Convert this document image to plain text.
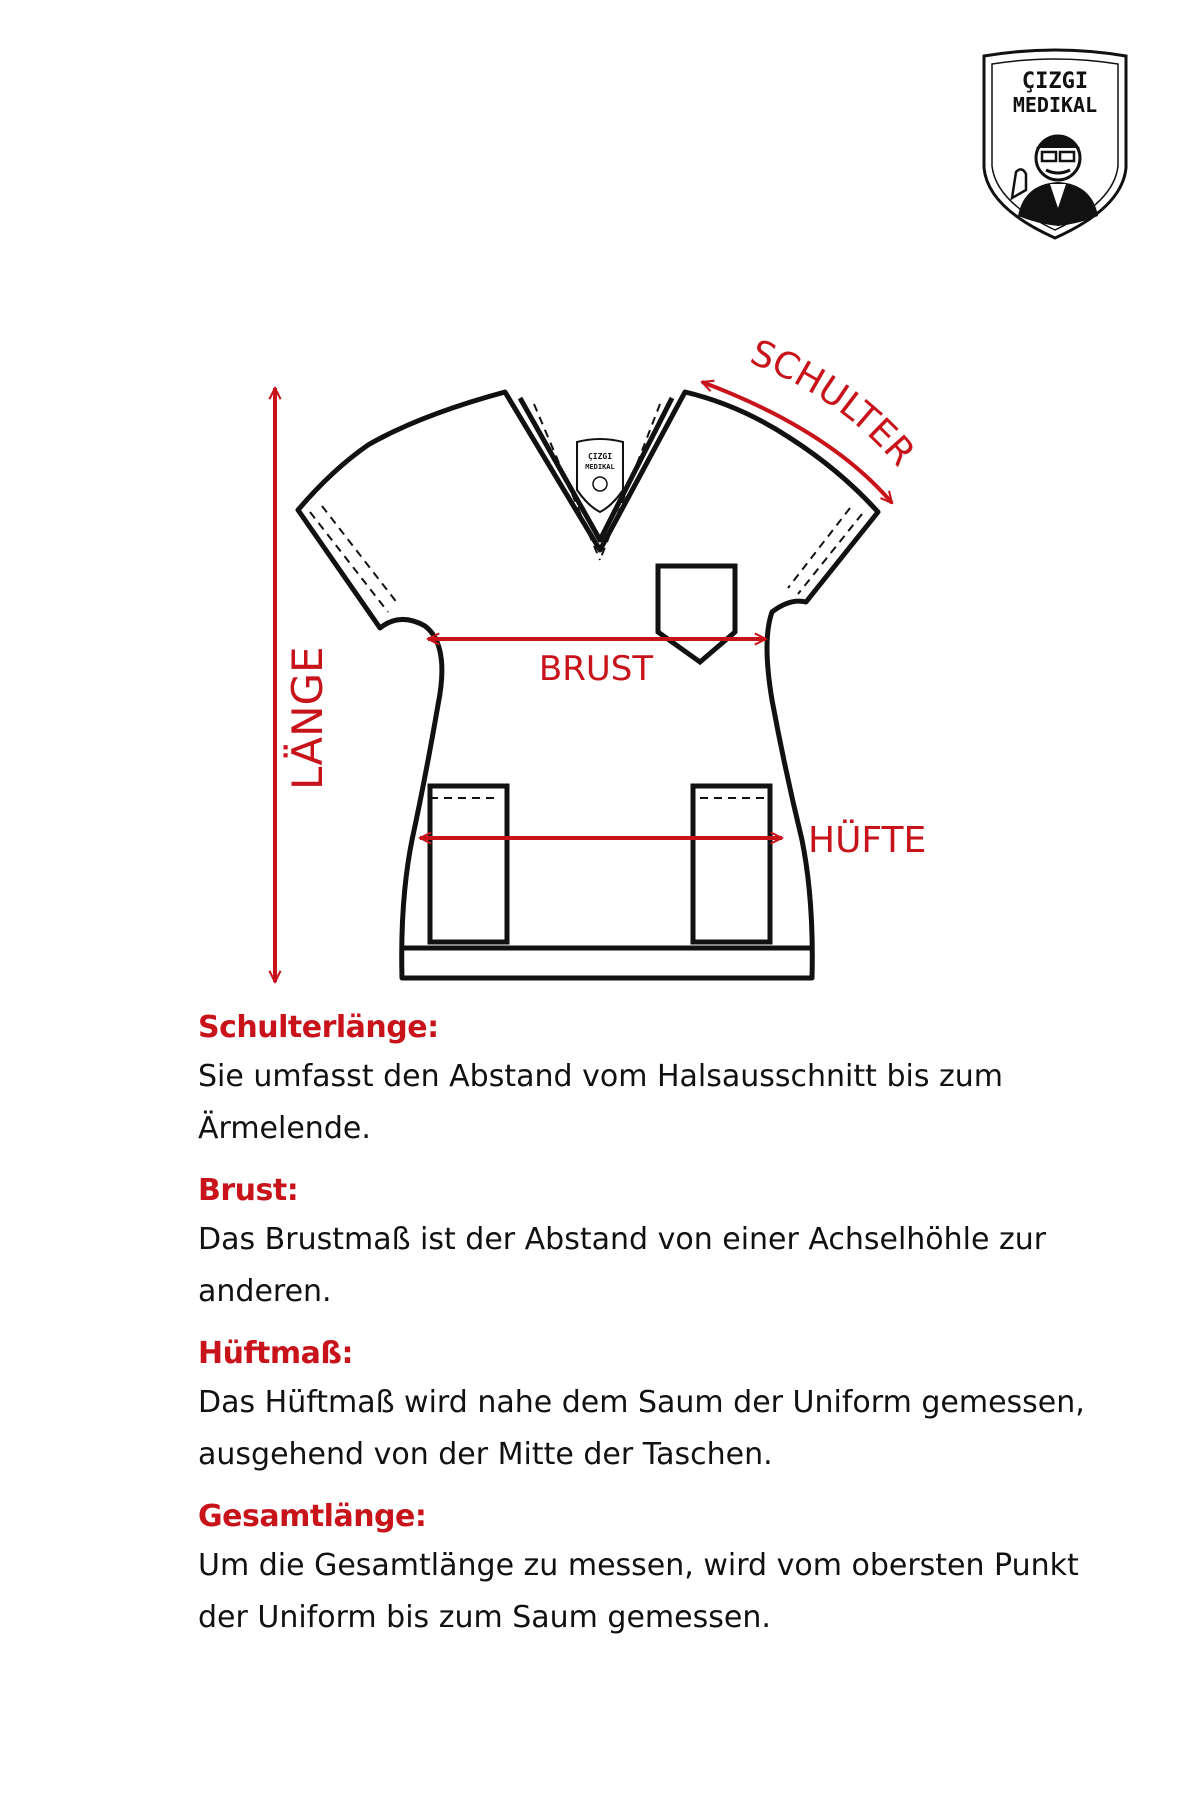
ÇIZGI
MEDIKAL
ÇIZGI
MEDIKAL
LÄNGE
SCHULTER
BRUST
HÜFTE

Schulterlänge:

Sie umfasst den Abstand vom Halsausschnitt bis zum Ärmelende.

Brust:

Das Brustmaß ist der Abstand von einer Achselhöhle zur anderen.

Hüftmaß:

Das Hüftmaß wird nahe dem Saum der Uniform gemessen, ausgehend von der Mitte der Taschen.

Gesamtlänge:

Um die Gesamtlänge zu messen, wird vom obersten Punkt der Uniform bis zum Saum gemessen.
